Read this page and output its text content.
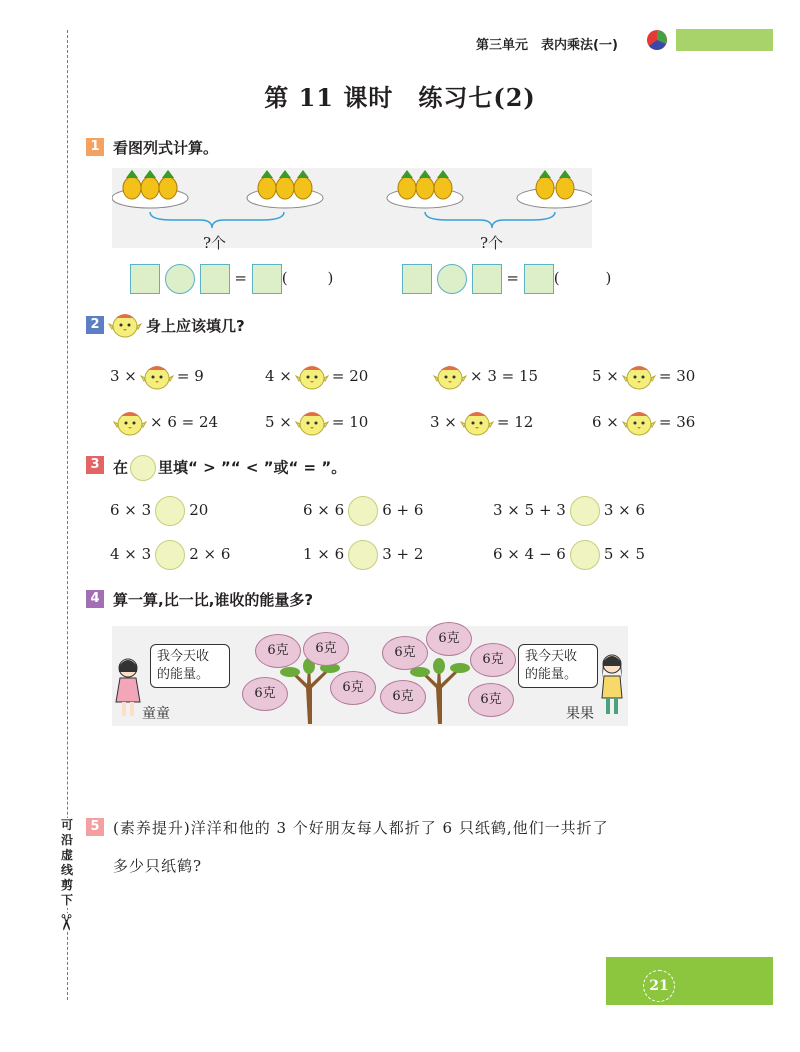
可沿虚线剪下
✂
第三单元　表内乘法(一)
第 11 课时　练习七(2)
1 看图列式计算。
?个	?个
= (	)	= (	)
2	身上应该填几?
3 ×	= 9	4 ×	= 20	× 3 = 15	5 ×	= 30
× 6 = 24	5 ×	= 10	3 ×	= 12	6 ×	= 36
3 在 里填“ > ”“ < ”或“ = ”。
6 × 3	20	6 × 6	6 + 6	3 × 5 + 3	3 × 6
4 × 3	2 × 6	1 × 6	3 + 2	6 × 4 − 6	5 × 5
4 算一算,比一比,谁收的能量多?
我今天收
的能量。
童童
6克	6克
6克
6克
6克
6克
6克
6克	6克
我今天收
的能量。
果果
5 (素养提升)洋洋和他的 3 个好朋友每人都折了 6 只纸鹤,他们一共折了
多少只纸鹤?
21
